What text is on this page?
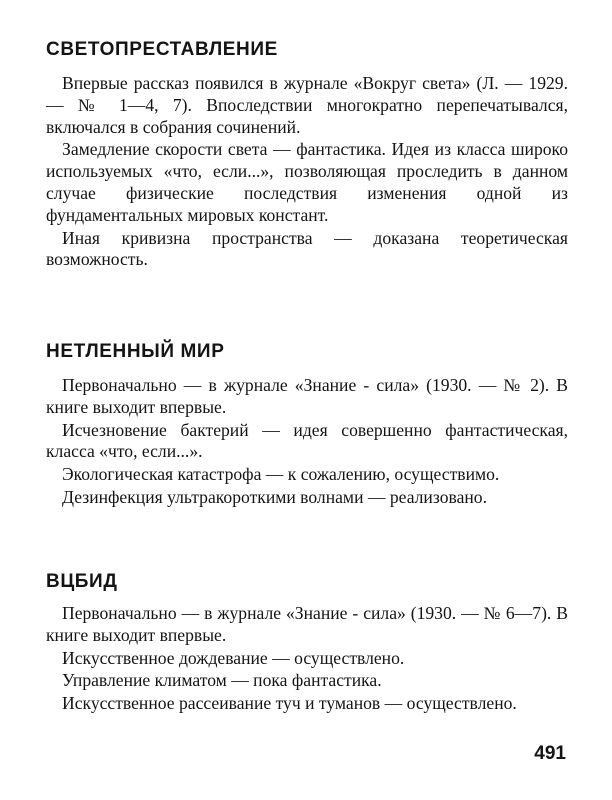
СВЕТОПРЕСТАВЛЕНИЕ

Впервые рассказ появился в журнале «Вокруг света» (Л. — 1929. — № 1—4, 7). Впоследствии многократно перепечатывался, включался в собрания сочинений.

Замедление скорости света — фантастика. Идея из класса широко используемых «что, если...», позволяющая проследить в данном случае физические последствия изменения одной из фундаментальных мировых констант.

Иная кривизна пространства — доказана теоретическая возможность.

НЕТЛЕННЫЙ МИР

Первоначально — в журнале «Знание - сила» (1930. — № 2). В книге выходит впервые.

Исчезновение бактерий — идея совершенно фантастическая, класса «что, если...».

Экологическая катастрофа — к сожалению, осуществимо.

Дезинфекция ультракороткими волнами — реализовано.

ВЦБИД

Первоначально — в журнале «Знание - сила» (1930. — № 6—7). В книге выходит впервые.

Искусственное дождевание — осуществлено.

Управление климатом — пока фантастика.

Искусственное рассеивание туч и туманов — осуществлено.

491
